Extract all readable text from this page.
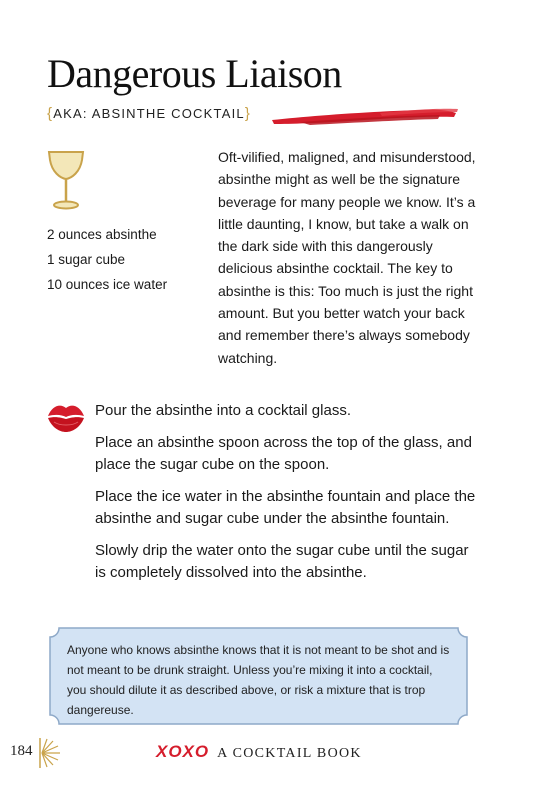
Dangerous Liaison
{AKA: ABSINTHE COCKTAIL}
2 ounces absinthe
1 sugar cube
10 ounces ice water

Oft-vilified, maligned, and misunderstood, absinthe might as well be the signature beverage for many people we know. It’s a little daunting, I know, but take a walk on the dark side with this dangerously delicious absinthe cocktail. The key to absinthe is this: Too much is just the right amount. But you better watch your back and remember there’s always somebody watching.

Pour the absinthe into a cocktail glass.
Place an absinthe spoon across the top of the glass, and place the sugar cube on the spoon.
Place the ice water in the absinthe fountain and place the absinthe and sugar cube under the absinthe fountain.
Slowly drip the water onto the sugar cube until the sugar is completely dissolved into the absinthe.

Anyone who knows absinthe knows that it is not meant to be shot and is not meant to be drunk straight. Unless you’re mixing it into a cocktail, you should dilute it as described above, or risk a mixture that is trop dangereuse.

184	XOXO A COCKTAIL BOOK
